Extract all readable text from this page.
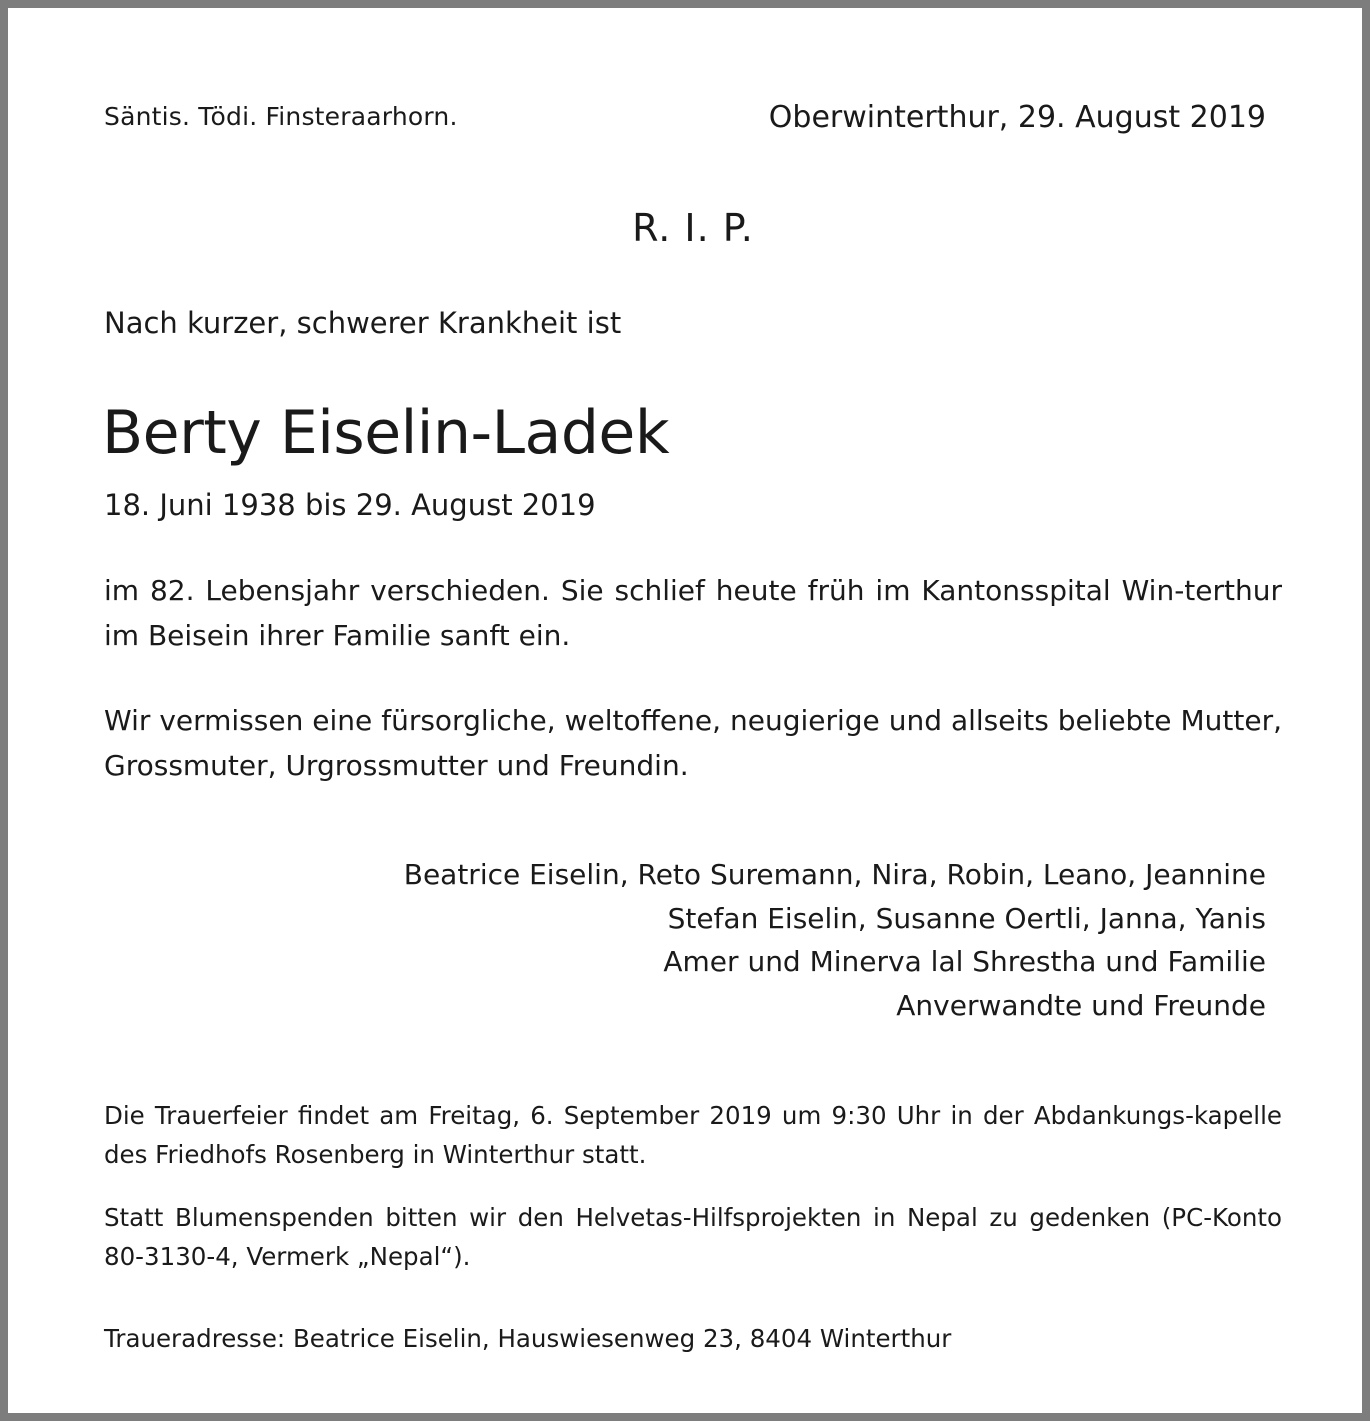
Säntis. Tödi. Finsteraarhorn.	Oberwinterthur, 29. August 2019

R. I. P.

Nach kurzer, schwerer Krankheit ist

Berty Eiselin-Ladek

18. Juni 1938 bis 29. August 2019

im 82. Lebensjahr verschieden. Sie schlief heute früh im Kantonsspital Win-terthur im Beisein ihrer Familie sanft ein.

Wir vermissen eine fürsorgliche, weltoffene, neugierige und allseits beliebte Mutter, Grossmuter, Urgrossmutter und Freundin.

Beatrice Eiselin, Reto Suremann, Nira, Robin, Leano, Jeannine
Stefan Eiselin, Susanne Oertli, Janna, Yanis
Amer und Minerva lal Shrestha und Familie
Anverwandte und Freunde

Die Trauerfeier findet am Freitag, 6. September 2019 um 9:30 Uhr in der Abdankungs-kapelle des Friedhofs Rosenberg in Winterthur statt.

Statt Blumenspenden bitten wir den Helvetas-Hilfsprojekten in Nepal zu gedenken (PC-Konto 80-3130-4, Vermerk „Nepal“).

Traueradresse: Beatrice Eiselin, Hauswiesenweg 23, 8404 Winterthur
